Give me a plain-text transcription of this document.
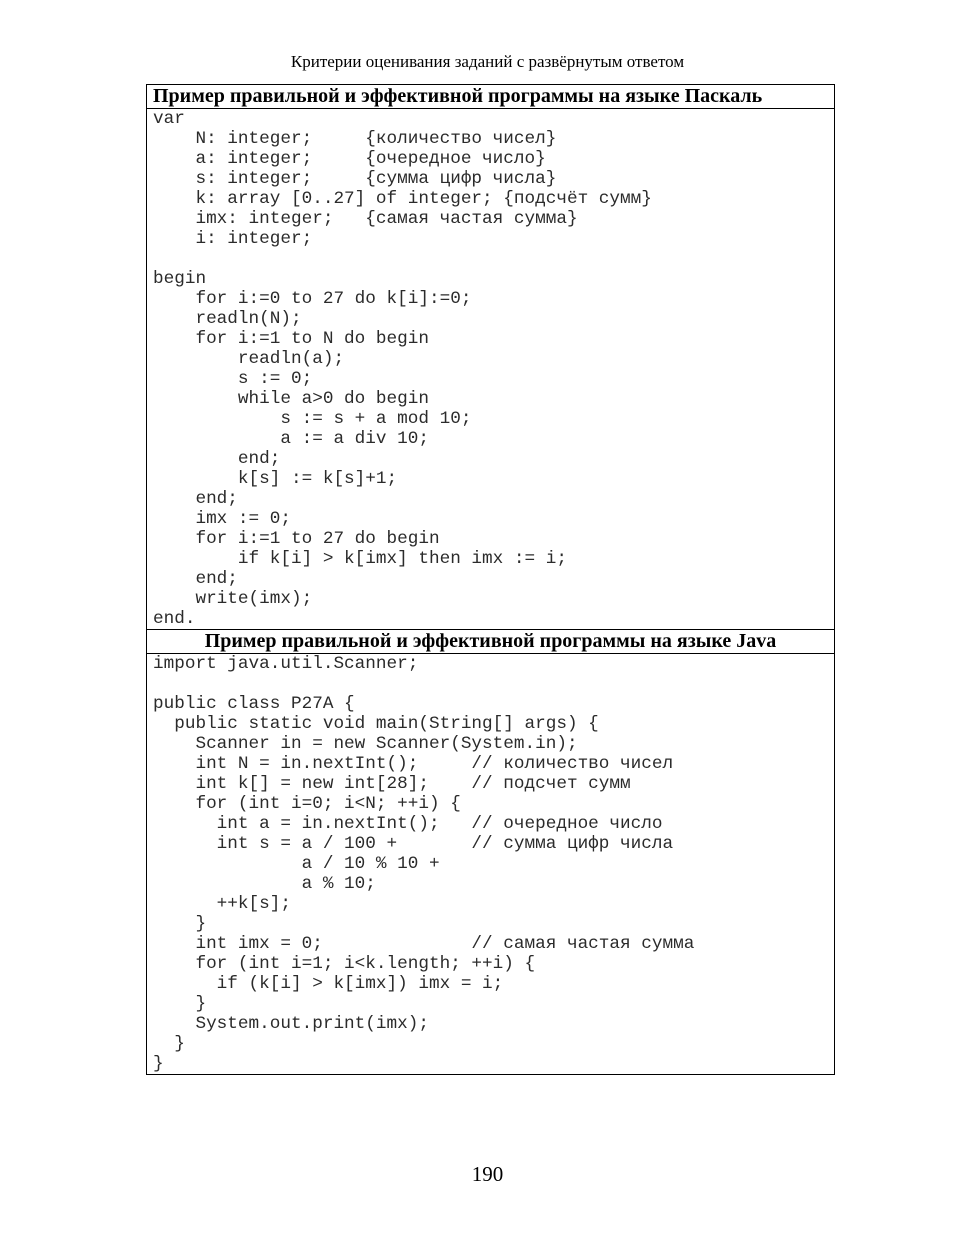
Критерии оценивания заданий с развёрнутым ответом
Пример правильной и эффективной программы на языке Паскаль
var
N: integer;     {количество чисел}
a: integer;     {очередное число}
s: integer;     {сумма цифр числа}
k: array [0..27] of integer; {подсчёт сумм}
imx: integer;   {самая частая сумма}
i: integer;
begin
for i:=0 to 27 do k[i]:=0;
readln(N);
for i:=1 to N do begin
readln(a);
s := 0;
while a>0 do begin
s := s + a mod 10;
a := a div 10;
end;
k[s] := k[s]+1;
end;
imx := 0;
for i:=1 to 27 do begin
if k[i] > k[imx] then imx := i;
end;
write(imx);
end.
Пример правильной и эффективной программы на языке Java
import java.util.Scanner;
public class P27A {
public static void main(String[] args) {
Scanner in = new Scanner(System.in);
int N = in.nextInt();     // количество чисел
int k[] = new int[28];    // подсчет сумм
for (int i=0; i<N; ++i) {
int a = in.nextInt();   // очередное число
int s = a / 100 +       // сумма цифр числа
a / 10 % 10 +
a % 10;
++k[s];
}
int imx = 0;              // самая частая сумма
for (int i=1; i<k.length; ++i) {
if (k[i] > k[imx]) imx = i;
}
System.out.print(imx);
}
}
190
